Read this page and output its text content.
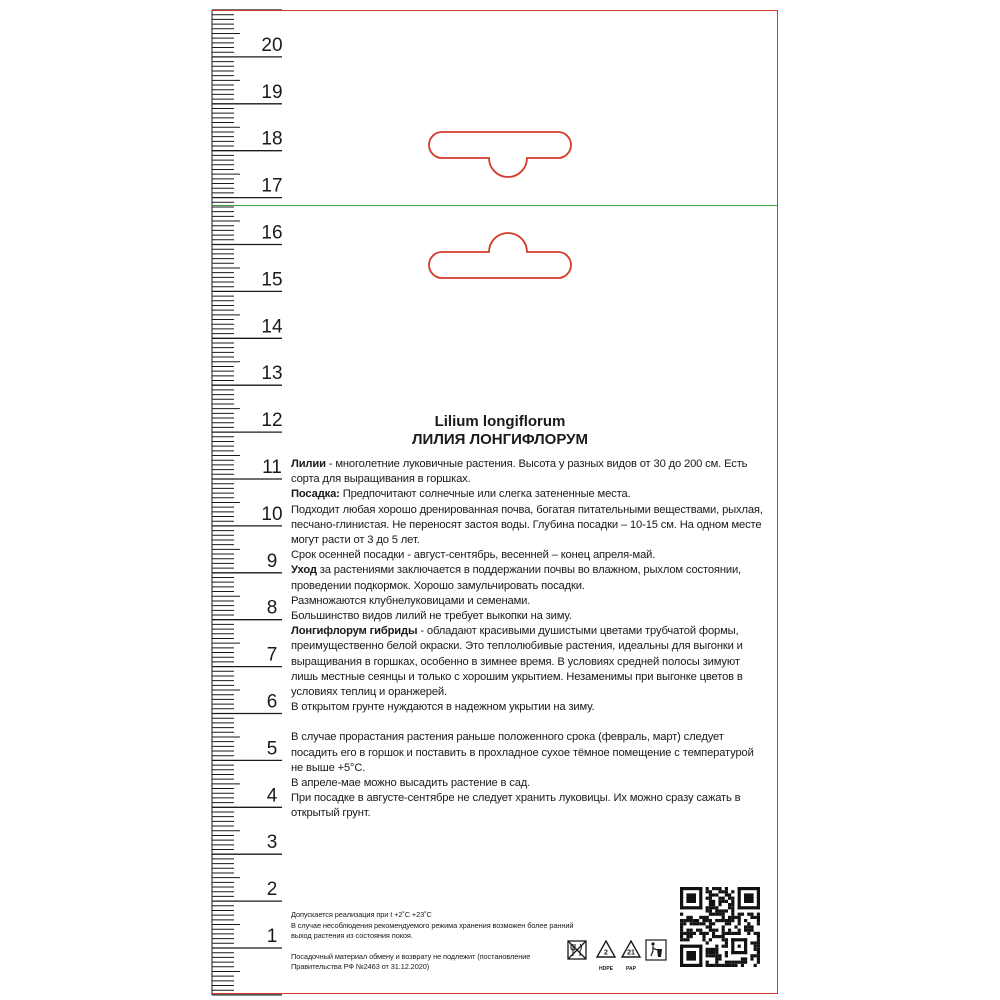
20
19
18
17
16
15
14
13
12
11
10
9
8
7
6
5
4
3
2
1
Lilium longiflorum
ЛИЛИЯ ЛОНГИФЛОРУМ

Лилии - многолетние луковичные растения. Высота у разных видов от 30 до 200 см. Есть сорта для выращивания в горшках.

Посадка: Предпочитают солнечные или слегка затененные места.

Подходит любая хорошо дренированная почва, богатая питательными веществами, рыхлая, песчано-глинистая. Не переносят застоя воды. Глубина посадки – 10-15 см. На одном месте могут расти от 3 до 5 лет.

Срок осенней посадки - август-сентябрь, весенней – конец апреля-май.

Уход за растениями заключается в поддержании почвы во влажном, рыхлом состоянии, проведении подкормок. Хорошо замульчировать посадки.

Размножаются клубнелуковицами и семенами.

Большинство видов лилий не требует выкопки на зиму.

Лонгифлорум гибриды - обладают красивыми душистыми цветами трубчатой формы, преимущественно белой окраски. Это теплолюбивые растения, идеальны для выгонки и выращивания в горшках, особенно в зимнее время. В условиях средней полосы зимуют лишь местные сеянцы и только с хорошим укрытием. Незаменимы при выгонке цветов в условиях теплиц и оранжерей.

В открытом грунте нуждаются в надежном укрытии на зиму.

В случае прорастания растения раньше положенного срока (февраль, март) следует посадить его в горшок и поставить в прохладное сухое тёмное помещение с температурой не выше +5°С.

В апреле-мае можно высадить растение в сад.

При посадке в августе-сентябре не следует хранить луковицы. Их можно сразу сажать в открытый грунт.

Допускается реализация при t +2˚С +23˚С

В случае несоблюдения рекомендуемого режима хранения возможен более ранний выход растения из состояния покоя.

Посадочный материал обмену и возврату не подлежит (постановление Правительства РФ №2463 от 31.12.2020)

2
HDPE
21
PAP
